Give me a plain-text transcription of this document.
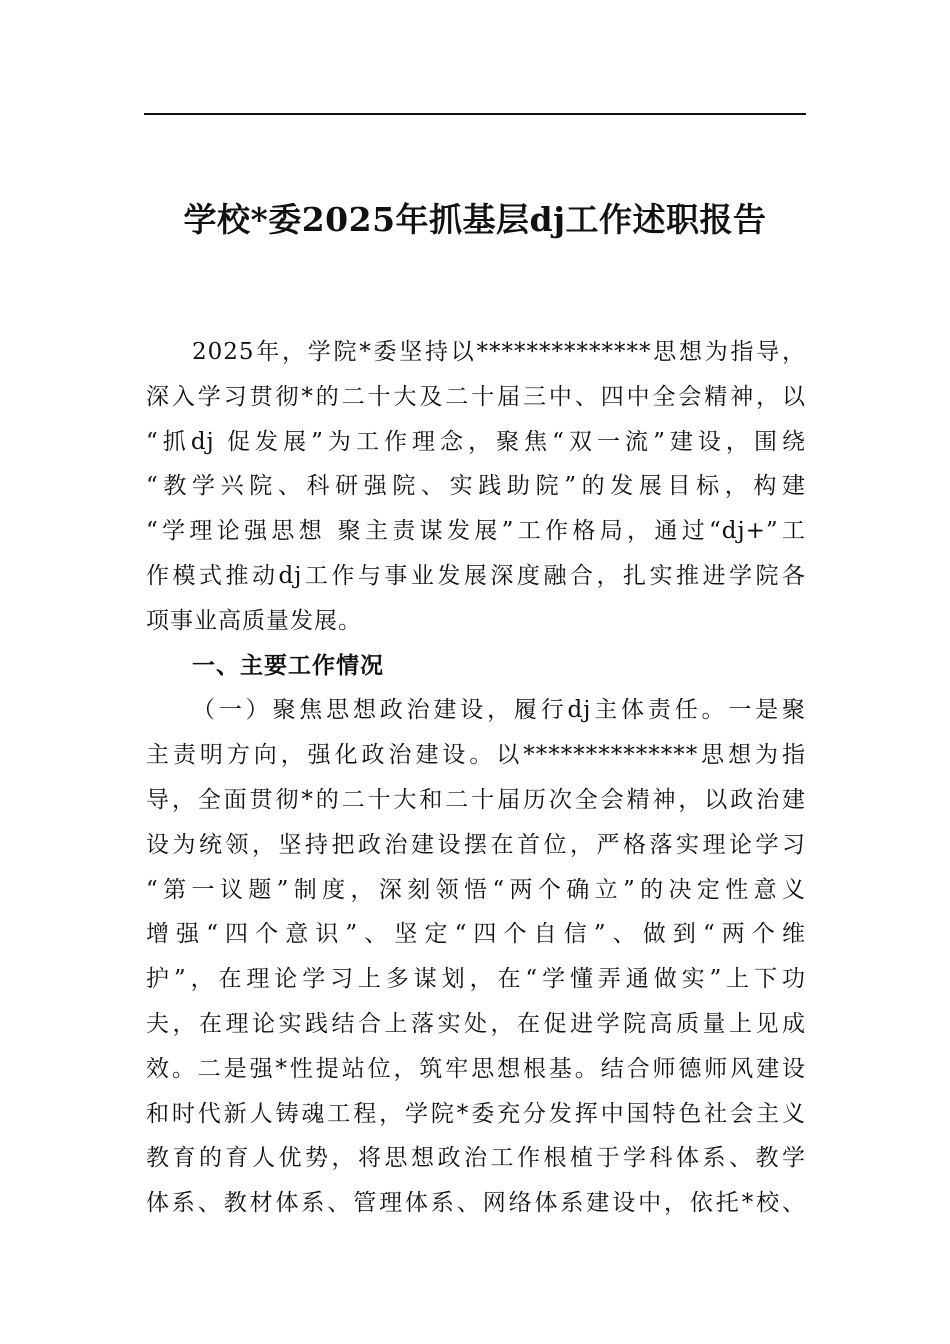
学校*委2025年抓基层dj工作述职报告
2025年，学院*委坚持以**************思想为指导，
深入学习贯彻*的二十大及二十届三中、四中全会精神，以
“抓dj 促发展”为工作理念，聚焦“双一流”建设，围绕
“教学兴院、科研强院、实践助院”的发展目标，构建
“学理论强思想 聚主责谋发展”工作格局，通过“dj+”工
作模式推动dj工作与事业发展深度融合，扎实推进学院各
项事业高质量发展。
一、主要工作情况
（一）聚焦思想政治建设，履行dj主体责任。一是聚
主责明方向，强化政治建设。以**************思想为指
导，全面贯彻*的二十大和二十届历次全会精神，以政治建
设为统领，坚持把政治建设摆在首位，严格落实理论学习
“第一议题”制度，深刻领悟“两个确立”的决定性意义
增强“四个意识”、坚定“四个自信”、做到“两个维
护”，在理论学习上多谋划，在“学懂弄通做实”上下功
夫，在理论实践结合上落实处，在促进学院高质量上见成
效。二是强*性提站位，筑牢思想根基。结合师德师风建设
和时代新人铸魂工程，学院*委充分发挥中国特色社会主义
教育的育人优势，将思想政治工作根植于学科体系、教学
体系、教材体系、管理体系、网络体系建设中，依托*校、
